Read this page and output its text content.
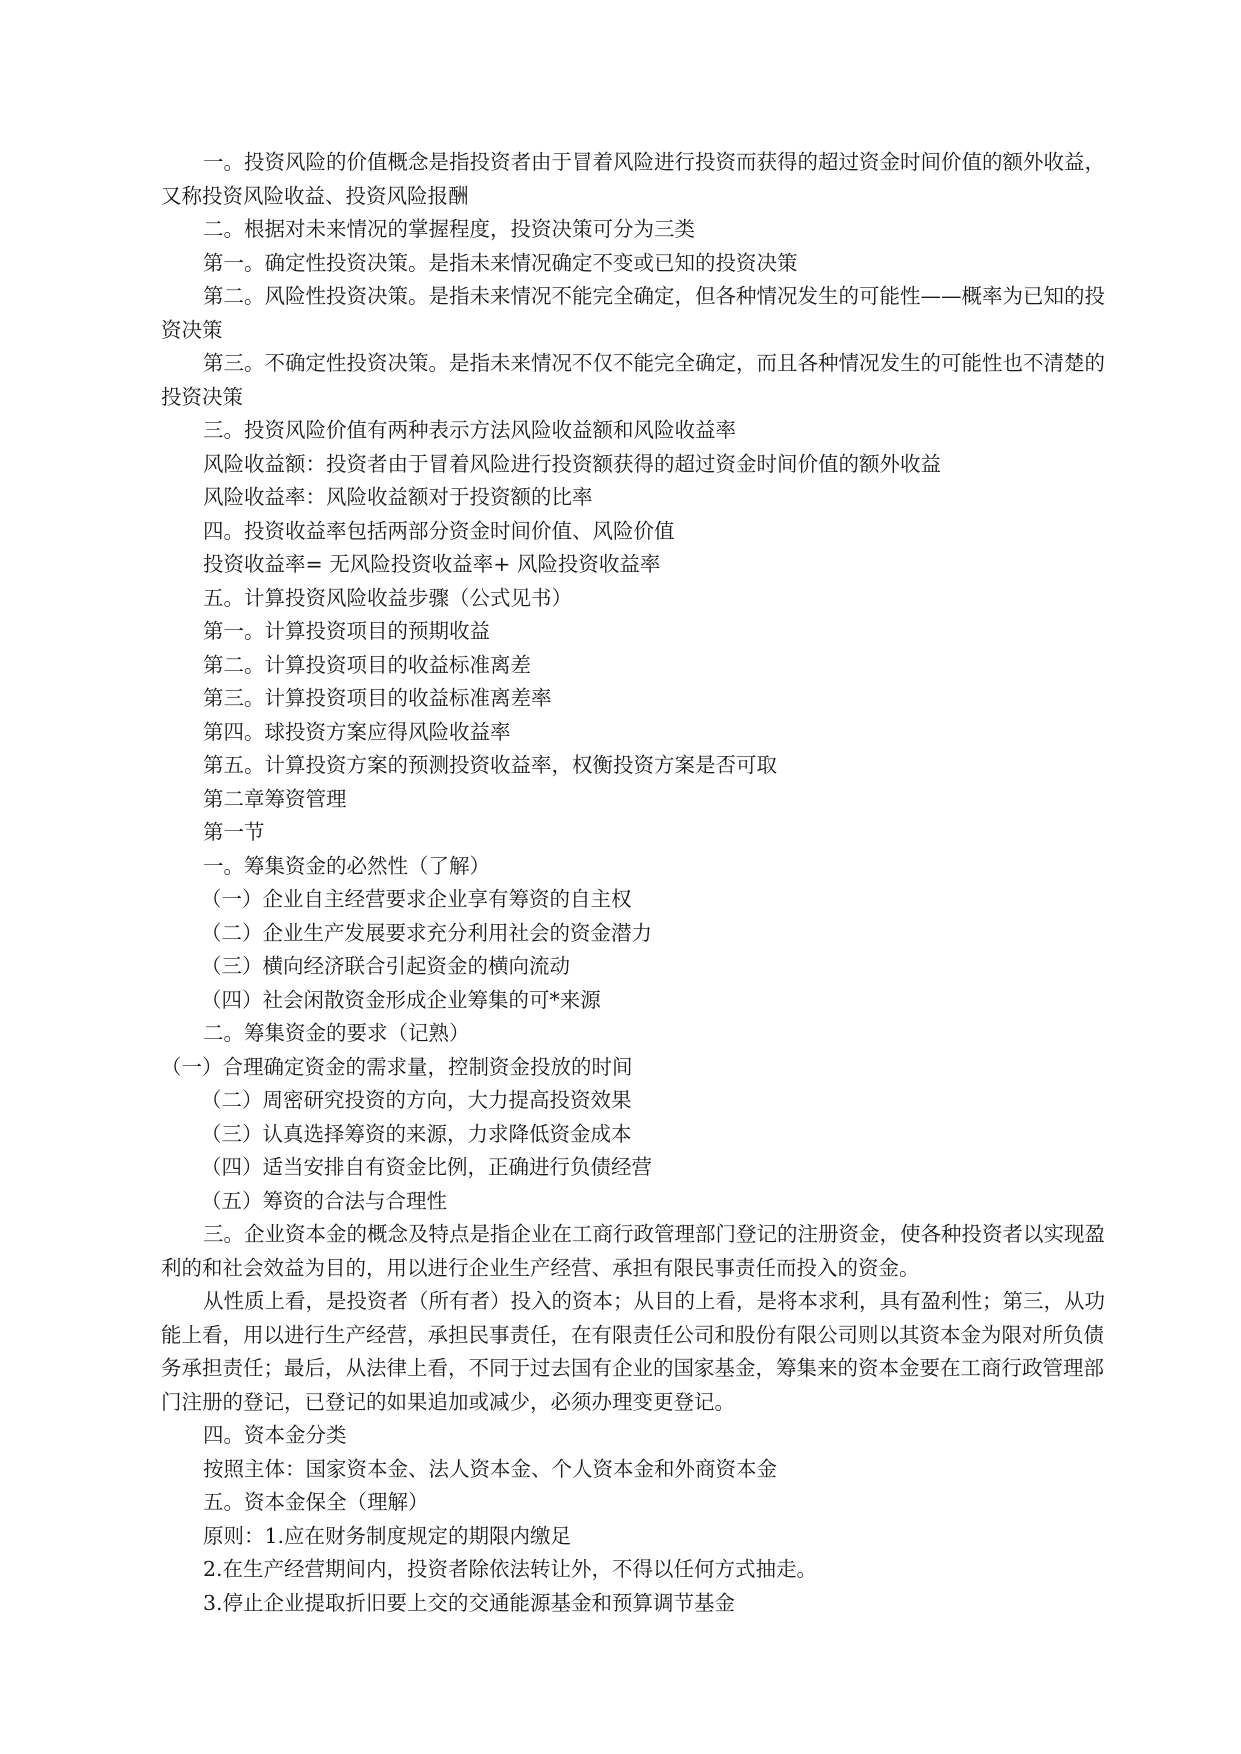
一。投资风险的价值概念是指投资者由于冒着风险进行投资而获得的超过资金时间价值的额外收益，又称投资风险收益、投资风险报酬

二。根据对未来情况的掌握程度，投资决策可分为三类

第一。确定性投资决策。是指未来情况确定不变或已知的投资决策

第二。风险性投资决策。是指未来情况不能完全确定，但各种情况发生的可能性——概率为已知的投资决策

第三。不确定性投资决策。是指未来情况不仅不能完全确定，而且各种情况发生的可能性也不清楚的投资决策

三。投资风险价值有两种表示方法风险收益额和风险收益率

风险收益额：投资者由于冒着风险进行投资额获得的超过资金时间价值的额外收益

风险收益率：风险收益额对于投资额的比率

四。投资收益率包括两部分资金时间价值、风险价值

投资收益率= 无风险投资收益率+ 风险投资收益率

五。计算投资风险收益步骤（公式见书）

第一。计算投资项目的预期收益

第二。计算投资项目的收益标准离差

第三。计算投资项目的收益标准离差率

第四。球投资方案应得风险收益率

第五。计算投资方案的预测投资收益率，权衡投资方案是否可取

第二章筹资管理

第一节

一。筹集资金的必然性（了解）

（一）企业自主经营要求企业享有筹资的自主权

（二）企业生产发展要求充分利用社会的资金潜力

（三）横向经济联合引起资金的横向流动

（四）社会闲散资金形成企业筹集的可*来源

二。筹集资金的要求（记熟）

（一）合理确定资金的需求量，控制资金投放的时间

（二）周密研究投资的方向，大力提高投资效果

（三）认真选择筹资的来源，力求降低资金成本

（四）适当安排自有资金比例，正确进行负债经营

（五）筹资的合法与合理性

三。企业资本金的概念及特点是指企业在工商行政管理部门登记的注册资金，使各种投资者以实现盈利的和社会效益为目的，用以进行企业生产经营、承担有限民事责任而投入的资金。

从性质上看，是投资者（所有者）投入的资本；从目的上看，是将本求利，具有盈利性；第三，从功能上看，用以进行生产经营，承担民事责任，在有限责任公司和股份有限公司则以其资本金为限对所负债务承担责任；最后，从法律上看，不同于过去国有企业的国家基金，筹集来的资本金要在工商行政管理部门注册的登记，已登记的如果追加或减少，必须办理变更登记。

四。资本金分类

按照主体：国家资本金、法人资本金、个人资本金和外商资本金

五。资本金保全（理解）

原则：1.应在财务制度规定的期限内缴足

2.在生产经营期间内，投资者除依法转让外，不得以任何方式抽走。

3.停止企业提取折旧要上交的交通能源基金和预算调节基金
